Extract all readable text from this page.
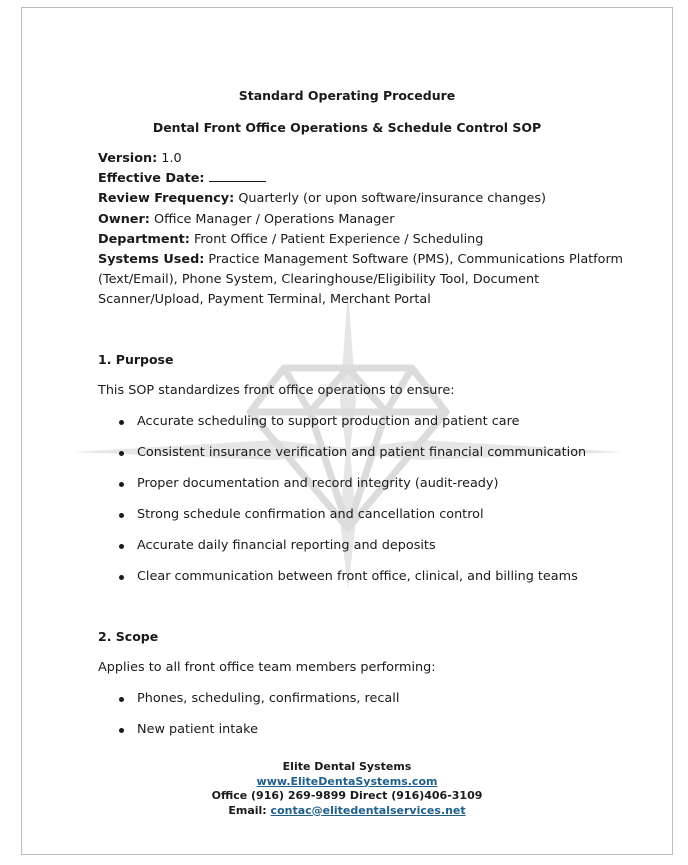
Standard Operating Procedure
Dental Front Office Operations & Schedule Control SOP
Version: 1.0
Effective Date:
Review Frequency: Quarterly (or upon software/insurance changes)
Owner: Office Manager / Operations Manager
Department: Front Office / Patient Experience / Scheduling
Systems Used: Practice Management Software (PMS), Communications Platform
(Text/Email), Phone System, Clearinghouse/Eligibility Tool, Document
Scanner/Upload, Payment Terminal, Merchant Portal
1. Purpose
This SOP standardizes front office operations to ensure:
Accurate scheduling to support production and patient care
Consistent insurance verification and patient financial communication
Proper documentation and record integrity (audit-ready)
Strong schedule confirmation and cancellation control
Accurate daily financial reporting and deposits
Clear communication between front office, clinical, and billing teams
2. Scope
Applies to all front office team members performing:
Phones, scheduling, confirmations, recall
New patient intake
Elite Dental Systems
www.EliteDentaSystems.com
Office (916) 269-9899 Direct (916)406-3109
Email: contac@elitedentalservices.net
